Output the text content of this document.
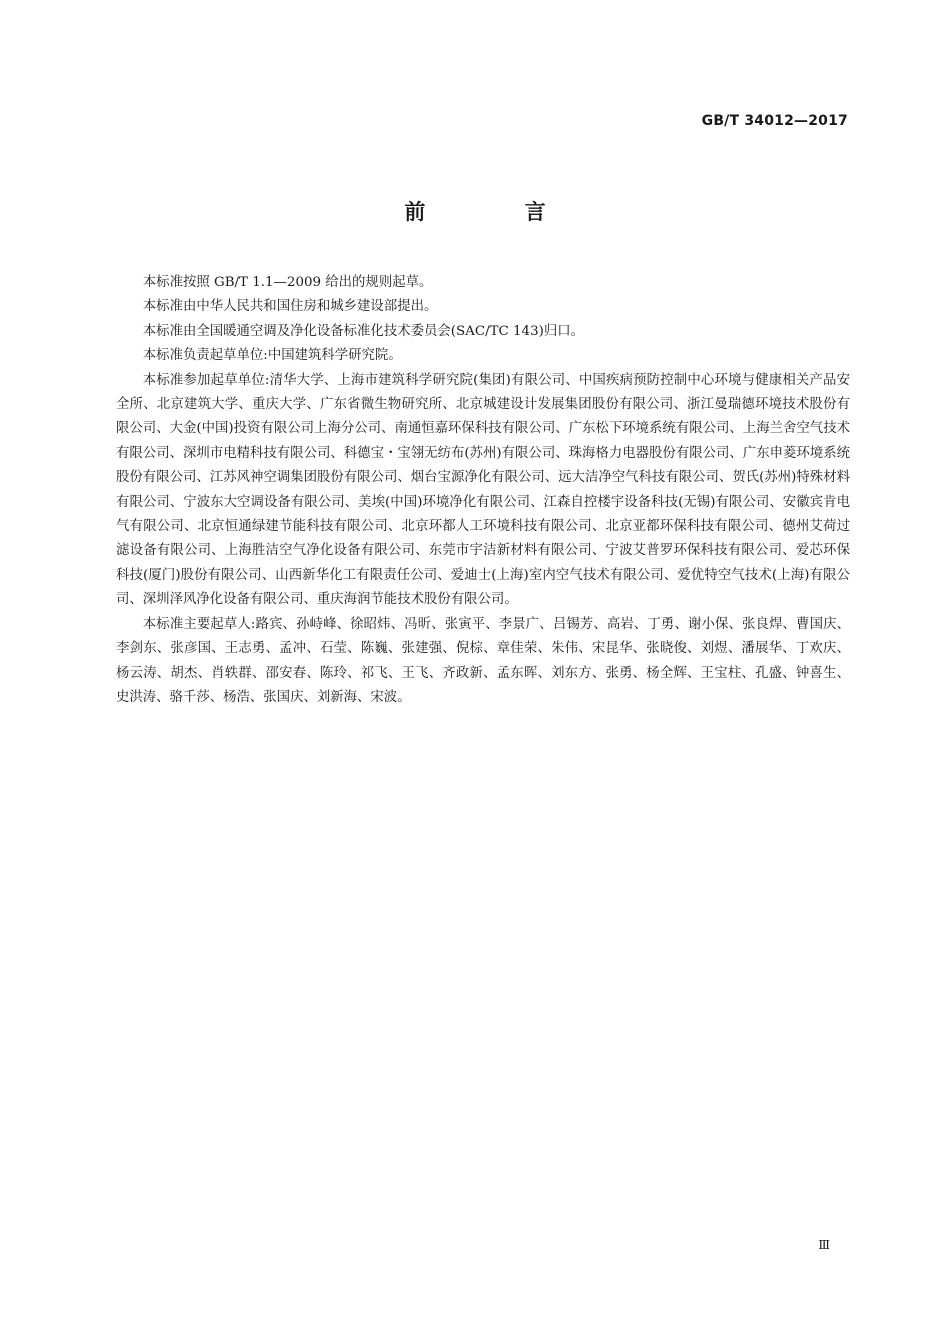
GB/T 34012—2017
前 言

本标准按照 GB/T 1.1—2009 给出的规则起草。

本标准由中华人民共和国住房和城乡建设部提出。

本标准由全国暖通空调及净化设备标准化技术委员会(SAC/TC 143)归口。

本标准负责起草单位:中国建筑科学研究院。

本标准参加起草单位:清华大学、上海市建筑科学研究院(集团)有限公司、中国疾病预防控制中心环境与健康相关产品安全所、北京建筑大学、重庆大学、广东省微生物研究所、北京城建设计发展集团股份有限公司、浙江曼瑞德环境技术股份有限公司、大金(中国)投资有限公司上海分公司、南通恒嘉环保科技有限公司、广东松下环境系统有限公司、上海兰舍空气技术有限公司、深圳市电精科技有限公司、科德宝・宝翎无纺布(苏州)有限公司、珠海格力电器股份有限公司、广东申菱环境系统股份有限公司、江苏风神空调集团股份有限公司、烟台宝源净化有限公司、远大洁净空气科技有限公司、贺氏(苏州)特殊材料有限公司、宁波东大空调设备有限公司、美埃(中国)环境净化有限公司、江森自控楼宇设备科技(无锡)有限公司、安徽宾肯电气有限公司、北京恒通绿建节能科技有限公司、北京环都人工环境科技有限公司、北京亚都环保科技有限公司、德州艾荷过滤设备有限公司、上海胜洁空气净化设备有限公司、东莞市宇洁新材料有限公司、宁波艾普罗环保科技有限公司、爱芯环保科技(厦门)股份有限公司、山西新华化工有限责任公司、爱迪士(上海)室内空气技术有限公司、爱优特空气技术(上海)有限公司、深圳泽风净化设备有限公司、重庆海润节能技术股份有限公司。

本标准主要起草人:路宾、孙峙峰、徐昭炜、冯昕、张寅平、李景广、吕锡芳、高岩、丁勇、谢小保、张良焊、曹国庆、李剑东、张彦国、王志勇、孟冲、石莹、陈巍、张建强、倪棕、章佳荣、朱伟、宋昆华、张晓俊、刘煜、潘展华、丁欢庆、杨云涛、胡杰、肖轶群、邵安春、陈玲、祁飞、王飞、齐政新、孟东晖、刘东方、张勇、杨全辉、王宝柱、孔盛、钟喜生、史洪涛、骆千莎、杨浩、张国庆、刘新海、宋波。

Ⅲ
